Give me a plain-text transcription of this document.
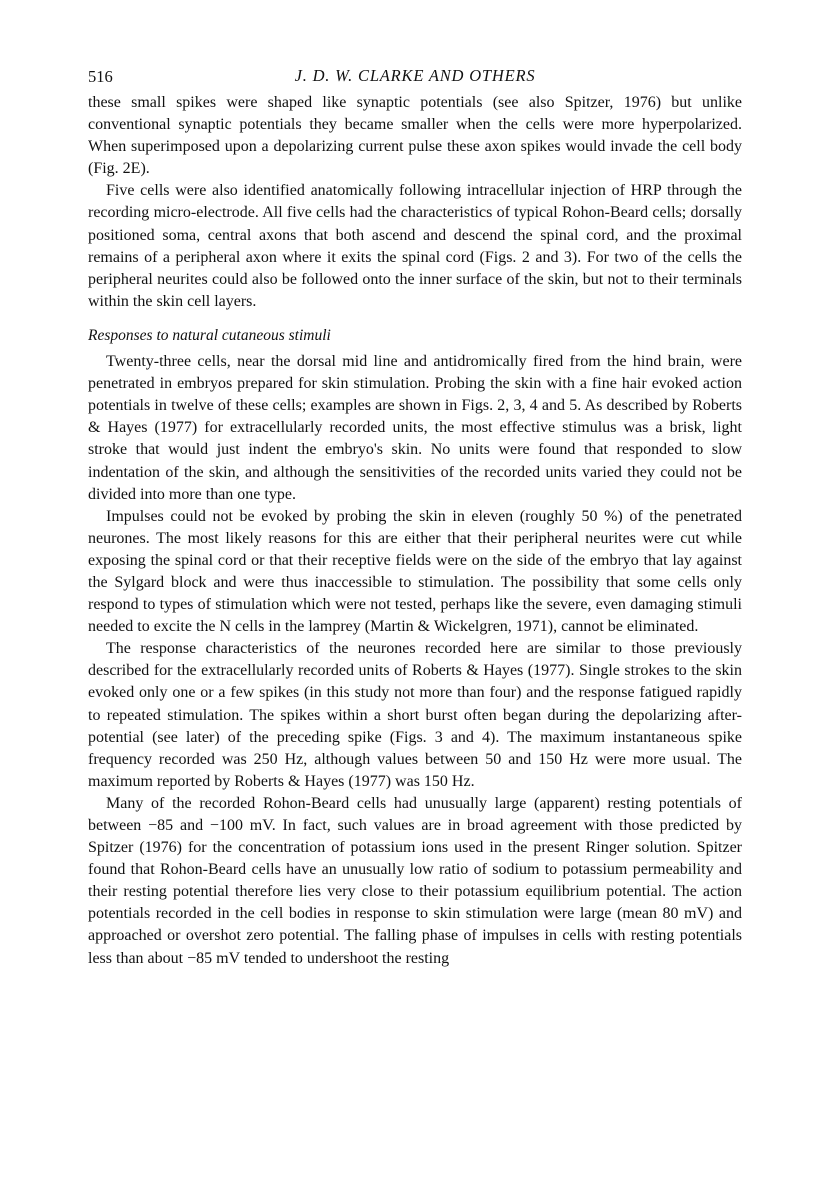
516	J. D. W. CLARKE AND OTHERS

these small spikes were shaped like synaptic potentials (see also Spitzer, 1976) but unlike conventional synaptic potentials they became smaller when the cells were more hyperpolarized. When superimposed upon a depolarizing current pulse these axon spikes would invade the cell body (Fig. 2E).

Five cells were also identified anatomically following intracellular injection of HRP through the recording micro-electrode. All five cells had the characteristics of typical Rohon-Beard cells; dorsally positioned soma, central axons that both ascend and descend the spinal cord, and the proximal remains of a peripheral axon where it exits the spinal cord (Figs. 2 and 3). For two of the cells the peripheral neurites could also be followed onto the inner surface of the skin, but not to their terminals within the skin cell layers.

Responses to natural cutaneous stimuli

Twenty-three cells, near the dorsal mid line and antidromically fired from the hind brain, were penetrated in embryos prepared for skin stimulation. Probing the skin with a fine hair evoked action potentials in twelve of these cells; examples are shown in Figs. 2, 3, 4 and 5. As described by Roberts & Hayes (1977) for extracellularly recorded units, the most effective stimulus was a brisk, light stroke that would just indent the embryo's skin. No units were found that responded to slow indentation of the skin, and although the sensitivities of the recorded units varied they could not be divided into more than one type.

Impulses could not be evoked by probing the skin in eleven (roughly 50 %) of the penetrated neurones. The most likely reasons for this are either that their peripheral neurites were cut while exposing the spinal cord or that their receptive fields were on the side of the embryo that lay against the Sylgard block and were thus inaccessible to stimulation. The possibility that some cells only respond to types of stimulation which were not tested, perhaps like the severe, even damaging stimuli needed to excite the N cells in the lamprey (Martin & Wickelgren, 1971), cannot be eliminated.

The response characteristics of the neurones recorded here are similar to those previously described for the extracellularly recorded units of Roberts & Hayes (1977). Single strokes to the skin evoked only one or a few spikes (in this study not more than four) and the response fatigued rapidly to repeated stimulation. The spikes within a short burst often began during the depolarizing after-potential (see later) of the preceding spike (Figs. 3 and 4). The maximum instantaneous spike frequency recorded was 250 Hz, although values between 50 and 150 Hz were more usual. The maximum reported by Roberts & Hayes (1977) was 150 Hz.

Many of the recorded Rohon-Beard cells had unusually large (apparent) resting potentials of between −85 and −100 mV. In fact, such values are in broad agreement with those predicted by Spitzer (1976) for the concentration of potassium ions used in the present Ringer solution. Spitzer found that Rohon-Beard cells have an unusually low ratio of sodium to potassium permeability and their resting potential therefore lies very close to their potassium equilibrium potential. The action potentials recorded in the cell bodies in response to skin stimulation were large (mean 80 mV) and approached or overshot zero potential. The falling phase of impulses in cells with resting potentials less than about −85 mV tended to undershoot the resting
